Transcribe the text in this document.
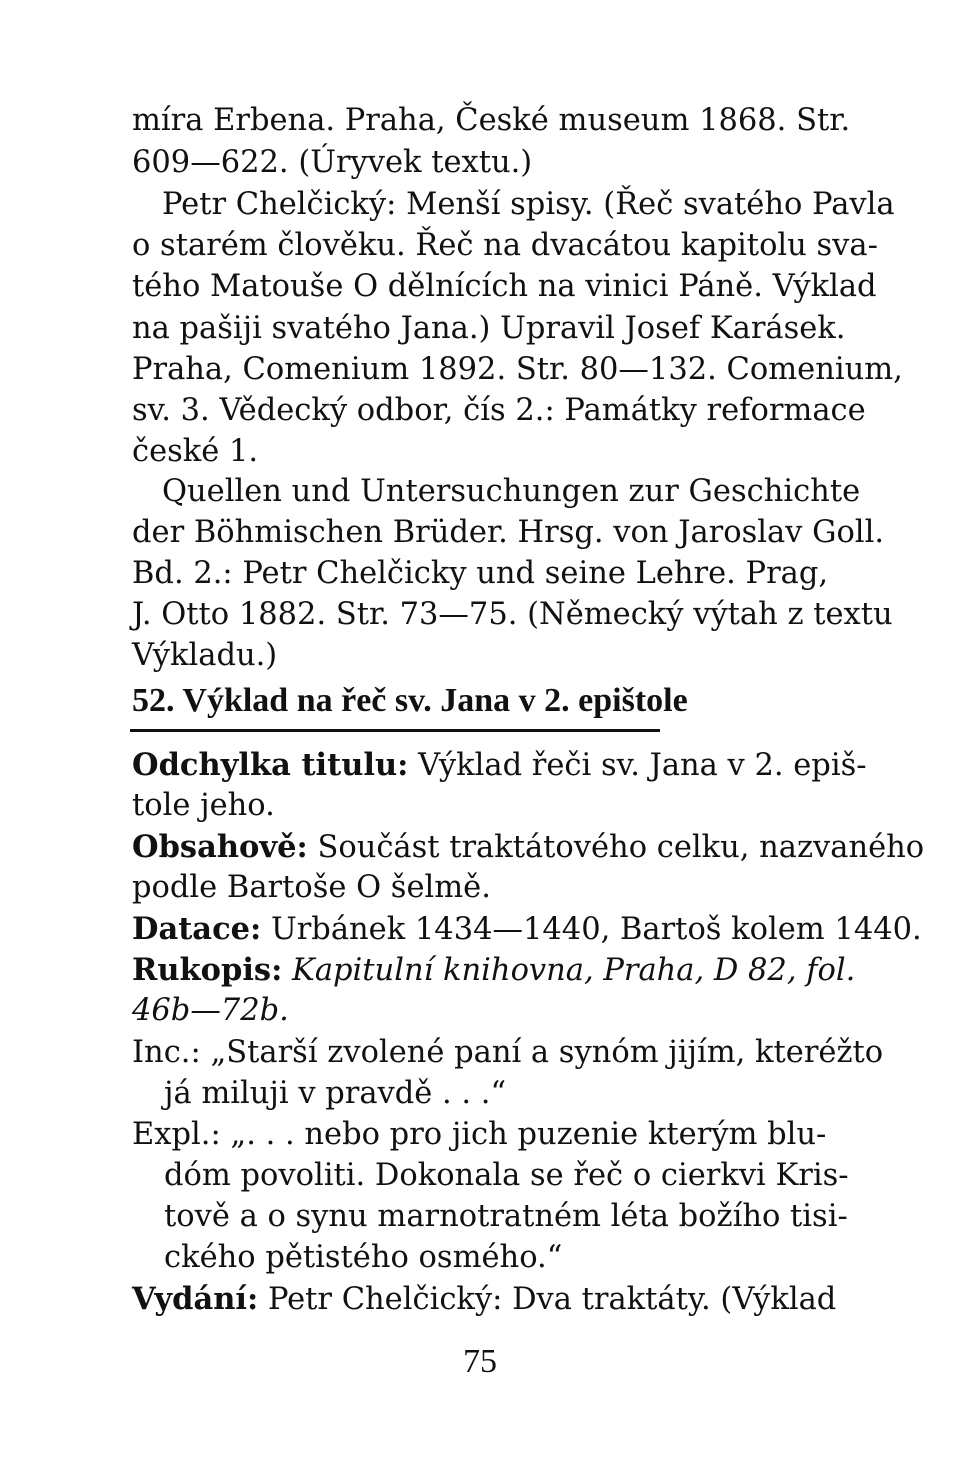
míra Erbena. Praha, České museum 1868. Str.
609—622. (Úryvek textu.)
Petr Chelčický: Menší spisy. (Řeč svatého Pavla
o starém člověku. Řeč na dvacátou kapitolu sva-
tého Matouše O dělnících na vinici Páně. Výklad
na pašiji svatého Jana.) Upravil Josef Karásek.
Praha, Comenium 1892. Str. 80—132. Comenium,
sv. 3. Vědecký odbor, čís 2.: Památky reformace
české 1.
Quellen und Untersuchungen zur Geschichte
der Böhmischen Brüder. Hrsg. von Jaroslav Goll.
Bd. 2.: Petr Chelčicky und seine Lehre. Prag,
J. Otto 1882. Str. 73—75. (Německý výtah z textu
Výkladu.)
52. Výklad na řeč sv. Jana v 2. epištole
Odchylka titulu: Výklad řeči sv. Jana v 2. epiš-
tole jeho.
Obsahově: Součást traktátového celku, nazvaného
podle Bartoše O šelmě.
Datace: Urbánek 1434—1440, Bartoš kolem 1440.
Rukopis: Kapitulní knihovna, Praha, D 82, fol.
46b—72b.
Inc.: „Starší zvolené paní a synóm jijím, kteréžto
já miluji v pravdě . . .“
Expl.: „. . . nebo pro jich puzenie kterým blu-
dóm povoliti. Dokonala se řeč o cierkvi Kris-
tově a o synu marnotratném léta božího tisi-
ckého pětistého osmého.“
Vydání: Petr Chelčický: Dva traktáty. (Výklad
75
